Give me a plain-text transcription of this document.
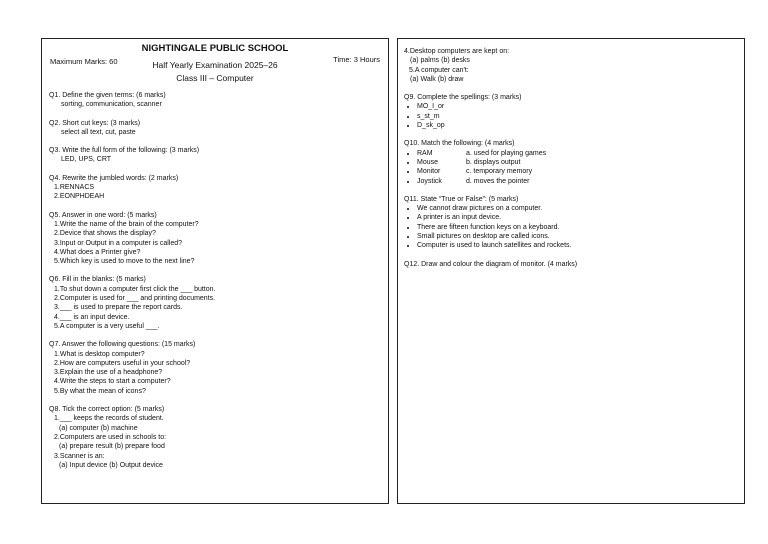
NIGHTINGALE PUBLIC SCHOOL
Maximum Marks: 60	Half Yearly Examination 2025–26
Time: 3 Hours
Class III – Computer
Q1. Define the given terms: (6 marks)
sorting, communication, scanner
Q2. Short cut keys: (3 marks)
select all text, cut, paste
Q3. Write the full form of the following: (3 marks)
LED, UPS, CRT
Q4. Rewrite the jumbled words: (2 marks)
1.RENNACS
2.EONPHDEAH
Q5. Answer in one word: (5 marks)
1.Write the name of the brain of the computer?
2.Device that shows the display?
3.Input or Output in a computer is called?
4.What does a Printer give?
5.Which key is used to move to the next line?
Q6. Fill in the blanks: (5 marks)
1.To shut down a computer first click the ___ button.
2.Computer is used for ___ and printing documents.
3.___ is used to prepare the report cards.
4.___ is an input device.
5.A computer is a very useful ___.
Q7. Answer the following questions: (15 marks)
1.What is desktop computer?
2.How are computers useful in your school?
3.Explain the use of a headphone?
4.Write the steps to start a computer?
5.By what the mean of icons?
Q8. Tick the correct option: (5 marks)
1.___ keeps the records of student.
(a) computer (b) machine
2.Computers are used in schools to:
(a) prepare result (b) prepare food
3.Scanner is an:
(a) Input device (b) Output device
4.Desktop computers are kept on:
(a) palms (b) desks
5.A computer can't:
(a) Walk (b) draw
Q9. Complete the spellings: (3 marks)
• MO_I_or
• s_st_m
• D_sk_op
Q10. Match the following: (4 marks)
• RAM	a. used for playing games
• Mouse	b. displays output
• Monitor	c. temporary memory
• Joystick	d. moves the pointer
Q11. State “True or False”: (5 marks)
• We cannot draw pictures on a computer.
• A printer is an input device.
• There are fifteen function keys on a keyboard.
• Small pictures on desktop are called icons.
• Computer is used to launch satellites and rockets.
Q12. Draw and colour the diagram of monitor. (4 marks)
